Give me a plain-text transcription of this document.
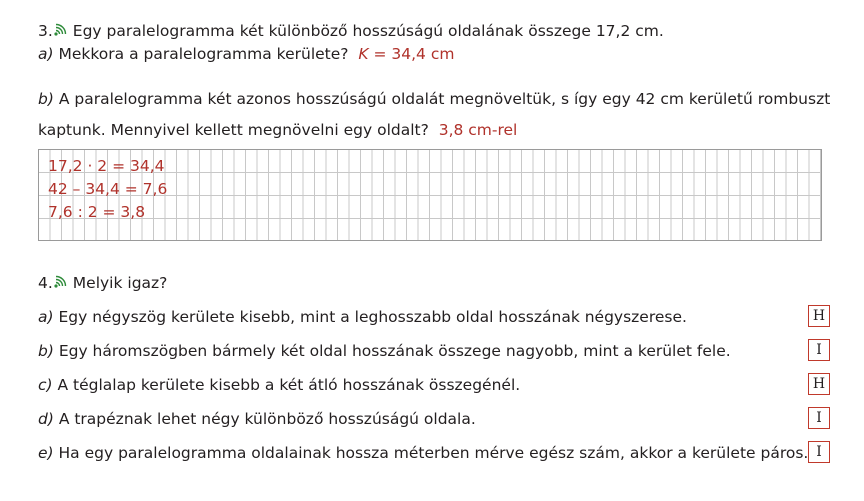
3. Egy paralelogramma két különböző hosszúságú oldalának összege 17,2 cm.
a) Mekkora a paralelogramma kerülete? K = 34,4 cm
b) A paralelogramma két azonos hosszúságú oldalát megnöveltük, s így egy 42 cm kerületű rombuszt
kaptunk. Mennyivel kellett megnövelni egy oldalt? 3,8 cm-rel
17,2 · 2 = 34,4
42 – 34,4 = 7,6
7,6 : 2 = 3,8
4. Melyik igaz?
a) Egy négyszög kerülete kisebb, mint a leghosszabb oldal hosszának négyszerese.	H
b) Egy háromszögben bármely két oldal hosszának összege nagyobb, mint a kerület fele.	I
c) A téglalap kerülete kisebb a két átló hosszának összegénél.	H
d) A trapéznak lehet négy különböző hosszúságú oldala.	I
e) Ha egy paralelogramma oldalainak hossza méterben mérve egész szám, akkor a kerülete páros. I
